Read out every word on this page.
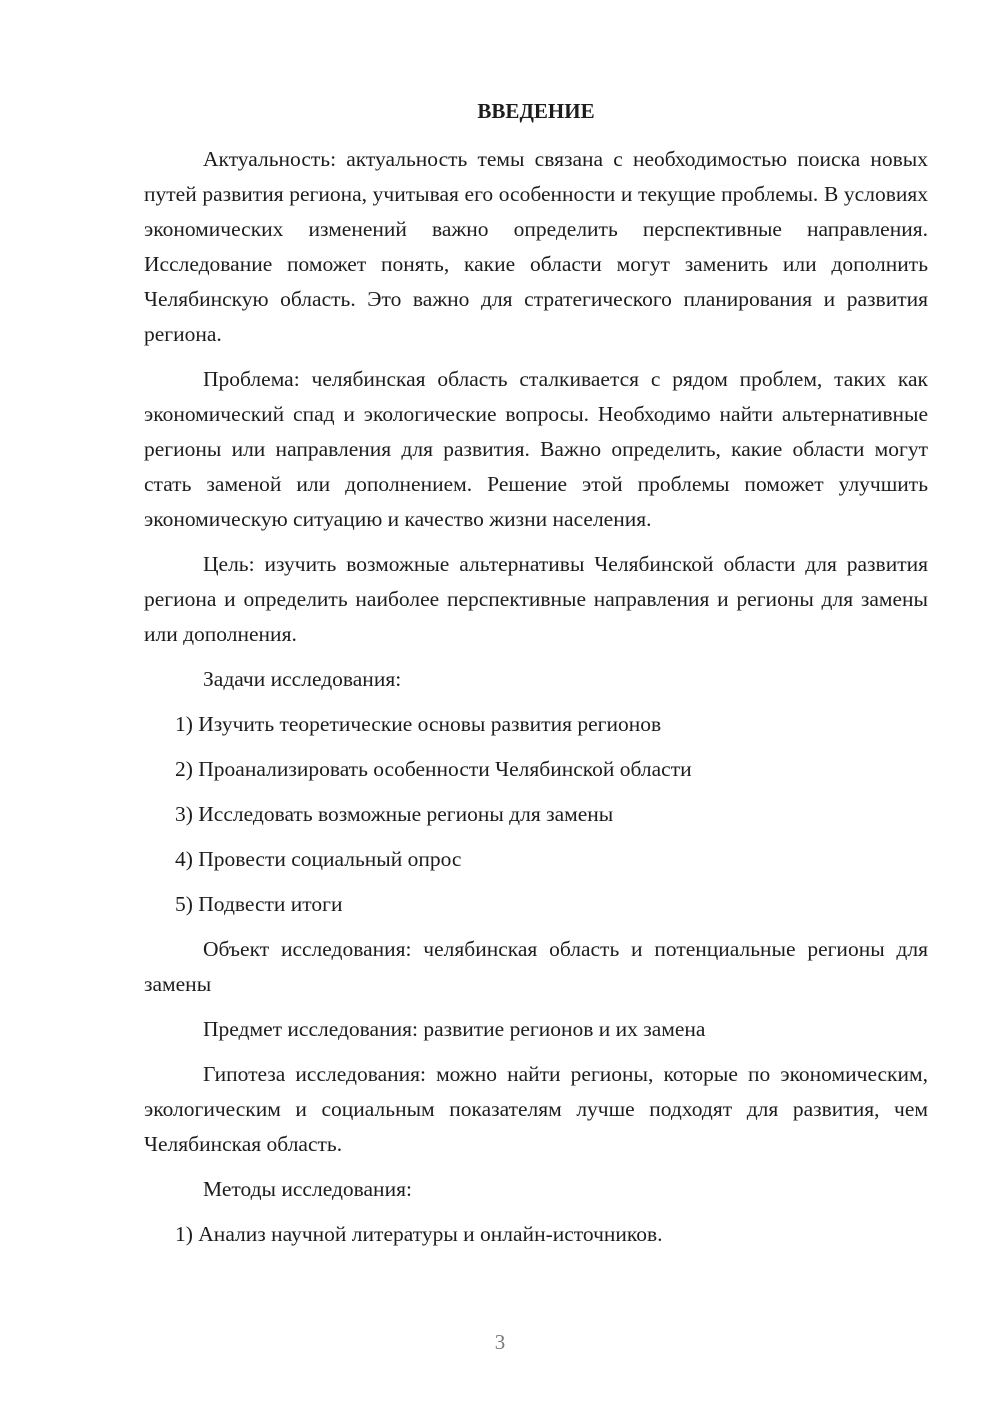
ВВЕДЕНИЕ

Актуальность: актуальность темы связана с необходимостью поиска новых путей развития региона, учитывая его особенности и текущие проблемы. В условиях экономических изменений важно определить перспективные направления. Исследование поможет понять, какие области могут заменить или дополнить Челябинскую область. Это важно для стратегического планирования и развития региона.

Проблема: челябинская область сталкивается с рядом проблем, таких как экономический спад и экологические вопросы. Необходимо найти альтернативные регионы или направления для развития. Важно определить, какие области могут стать заменой или дополнением. Решение этой проблемы поможет улучшить экономическую ситуацию и качество жизни населения.

Цель: изучить возможные альтернативы Челябинской области для развития региона и определить наиболее перспективные направления и регионы для замены или дополнения.

Задачи исследования:

1) Изучить теоретические основы развития регионов

2) Проанализировать особенности Челябинской области

3) Исследовать возможные регионы для замены

4) Провести социальный опрос

5) Подвести итоги

Объект исследования: челябинская область и потенциальные регионы для замены

Предмет исследования: развитие регионов и их замена

Гипотеза исследования: можно найти регионы, которые по экономическим, экологическим и социальным показателям лучше подходят для развития, чем Челябинская область.

Методы исследования:

1) Анализ научной литературы и онлайн-источников.

3
